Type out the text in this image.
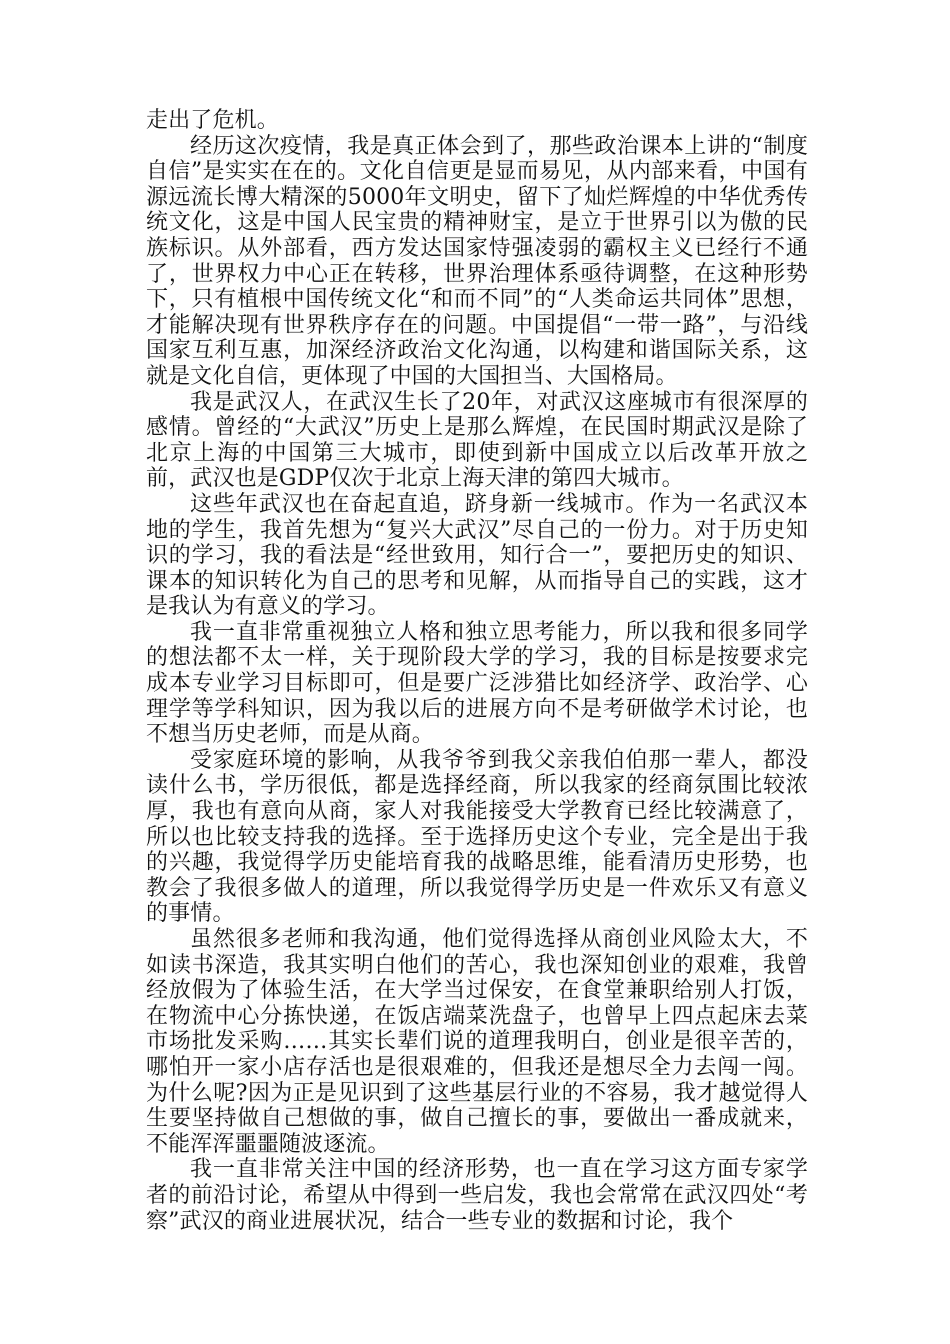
走出了危机。

经历这次疫情，我是真正体会到了，那些政治课本上讲的“制度自信”是实实在在的。文化自信更是显而易见，从内部来看，中国有源远流长博大精深的5000年文明史，留下了灿烂辉煌的中华优秀传统文化，这是中国人民宝贵的精神财宝，是立于世界引以为傲的民族标识。从外部看，西方发达国家恃强凌弱的霸权主义已经行不通了，世界权力中心正在转移，世界治理体系亟待调整，在这种形势下，只有植根中国传统文化“和而不同”的“人类命运共同体”思想，才能解决现有世界秩序存在的问题。中国提倡“一带一路”，与沿线国家互利互惠，加深经济政治文化沟通，以构建和谐国际关系，这就是文化自信，更体现了中国的大国担当、大国格局。

我是武汉人，在武汉生长了20年，对武汉这座城市有很深厚的感情。曾经的“大武汉”历史上是那么辉煌，在民国时期武汉是除了北京上海的中国第三大城市，即使到新中国成立以后改革开放之前，武汉也是GDP仅次于北京上海天津的第四大城市。

这些年武汉也在奋起直追，跻身新一线城市。作为一名武汉本地的学生，我首先想为“复兴大武汉”尽自己的一份力。对于历史知识的学习，我的看法是“经世致用，知行合一”，要把历史的知识、课本的知识转化为自己的思考和见解，从而指导自己的实践，这才是我认为有意义的学习。

我一直非常重视独立人格和独立思考能力，所以我和很多同学的想法都不太一样，关于现阶段大学的学习，我的目标是按要求完成本专业学习目标即可，但是要广泛涉猎比如经济学、政治学、心理学等学科知识，因为我以后的进展方向不是考研做学术讨论，也不想当历史老师，而是从商。

受家庭环境的影响，从我爷爷到我父亲我伯伯那一辈人，都没读什么书，学历很低，都是选择经商，所以我家的经商氛围比较浓厚，我也有意向从商，家人对我能接受大学教育已经比较满意了，所以也比较支持我的选择。至于选择历史这个专业，完全是出于我的兴趣，我觉得学历史能培育我的战略思维，能看清历史形势，也教会了我很多做人的道理，所以我觉得学历史是一件欢乐又有意义的事情。

虽然很多老师和我沟通，他们觉得选择从商创业风险太大，不如读书深造，我其实明白他们的苦心，我也深知创业的艰难，我曾经放假为了体验生活，在大学当过保安，在食堂兼职给别人打饭，在物流中心分拣快递，在饭店端菜洗盘子，也曾早上四点起床去菜市场批发采购……其实长辈们说的道理我明白，创业是很辛苦的，哪怕开一家小店存活也是很艰难的，但我还是想尽全力去闯一闯。为什么呢?因为正是见识到了这些基层行业的不容易，我才越觉得人生要坚持做自己想做的事，做自己擅长的事，要做出一番成就来，不能浑浑噩噩随波逐流。

我一直非常关注中国的经济形势，也一直在学习这方面专家学者的前沿讨论，希望从中得到一些启发，我也会常常在武汉四处“考察”武汉的商业进展状况，结合一些专业的数据和讨论，我个
